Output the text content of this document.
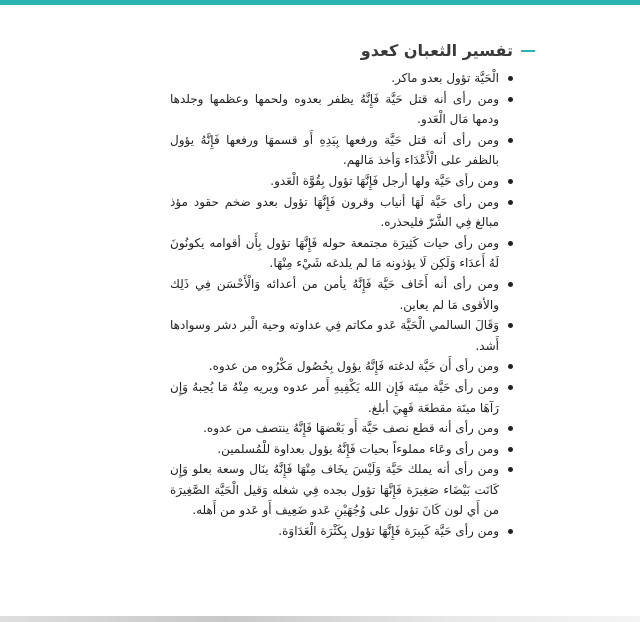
تفسير الثعبان كعدو
الْحَيَّة تؤول بعدو ماكر.
ومن رأى أنه قتل حَيَّة فَإِنَّهُ يظفر بعدوه ولحمها وعظمها وجلدها ودمها مَال الْعَدو.
ومن رأى أنه قتل حَيَّة ورفعها بِيَدِهِ أَو قسمهَا ورفعها فَإِنَّهُ يؤول بالظفر على الْأَعْدَاء وَأخذ مَالهم.
ومن رأى حَيَّة ولها أرجل فَإِنَّهَا تؤول بِقُوَّة الْعَدو.
ومن رأى حَيَّة لَهَا أنياب وقرون فَإِنَّهَا تؤول بعدو ضخم حقود مؤذ مبالغ فِي الشَّرّ فليحذره.
ومن رأى حيات كَثِيرَة مجتمعة حوله فَإِنَّهَا تؤول بِأَن أقوامه يكونُونَ لَهُ أَعدَاء وَلَكِن لَا يؤذونه مَا لم يلدغه شَيْء مِنْهَا.
ومن رأى أنه أَخَاف حَيَّة فَإِنَّهُ يأمن من أعدائه وَالْأَحْسَن فِي ذَلِك والأقوى مَا لم يعاين.
وَقَالَ السالمي الْحَيَّة عَدو مكاتم فِي عداوته وحية الْبر دشر وسوادها أَشد.
ومن رأى أَن حَيَّة لدغته فَإِنَّهُ يؤول بِحُصُول مَكْرُوه من عدوه.
ومن رأى حَيَّة ميتَة فَإِن الله يَكْفِيهِ أَمر عدوه ويريه مِنْهُ مَا يُحِبهُ وَإِن رَآهَا ميتَة مقطعَة فَهِيَ أبلغ.
ومن رأى أنه قطع نصف حَيَّة أَو بَعْضهَا فَإِنَّهُ ينتصف من عدوه.
ومن رأى وعَاء مملوءاً بحيات فَإِنَّهُ يؤول بعداوة للْمُسلمين.
ومن رأى أنه يملك حَيَّة وَلَيْسَ يخَاف مِنْهَا فَإِنَّهُ ينَال وسعة بعلو وَإِن كَانَت بَيْضَاء صَغِيرَة فَإِنَّهَا تؤول بجده فِي شغله وَقيل الْحَيَّة الصَّغِيرَة من أَي لون كَانَ تؤول على وُجُهَيْنِ عَدو ضَعِيف أَو عَدو من أَهله.
ومن رأى حَيَّة كَبِيرَة فَإِنَّهَا تؤول بِكَثْرَة الْعَدَاوَة.
